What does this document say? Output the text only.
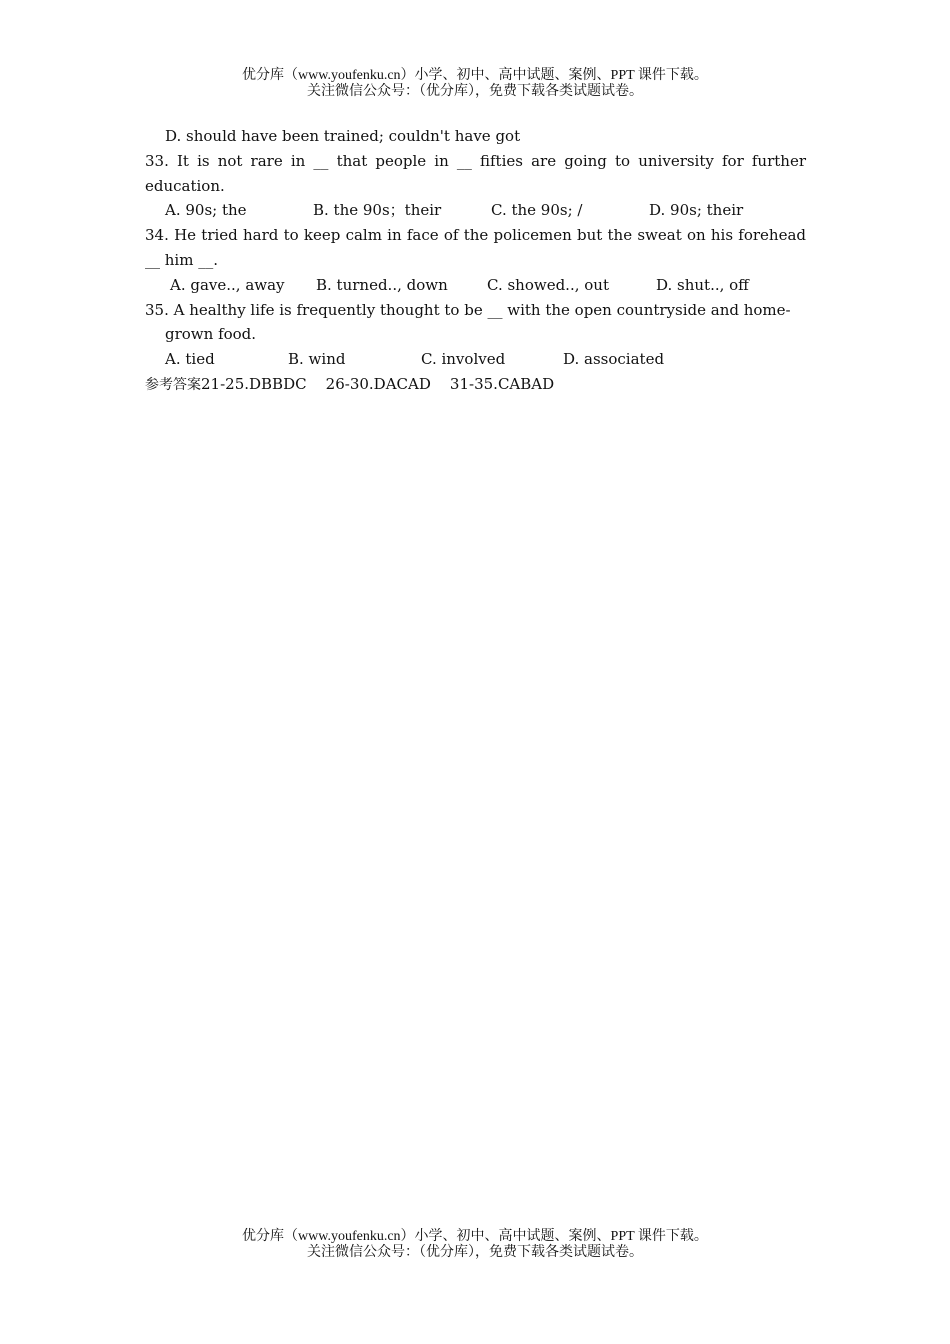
优分库（www.youfenku.cn）小学、初中、高中试题、案例、PPT 课件下载。
关注微信公众号：（优分库），免费下载各类试题试卷。
D. should have been trained; couldn't have got
33. It is not rare in __ that people in __ fifties are going to university for further education.
A. 90s; the	B. the 90s；their	C. the 90s; /	D. 90s; their
34. He tried hard to keep calm in face of the policemen but the sweat on his forehead __ him __.
A. gave.., away	B. turned.., down	C. showed.., out	D. shut.., off
35. A healthy life is frequently thought to be __ with the open countryside and home-
grown food.
A. tied	B. wind	C. involved	D. associated
参考答案21-25.DBBDC    26-30.DACAD    31-35.CABAD
优分库（www.youfenku.cn）小学、初中、高中试题、案例、PPT 课件下载。
关注微信公众号：（优分库），免费下载各类试题试卷。
